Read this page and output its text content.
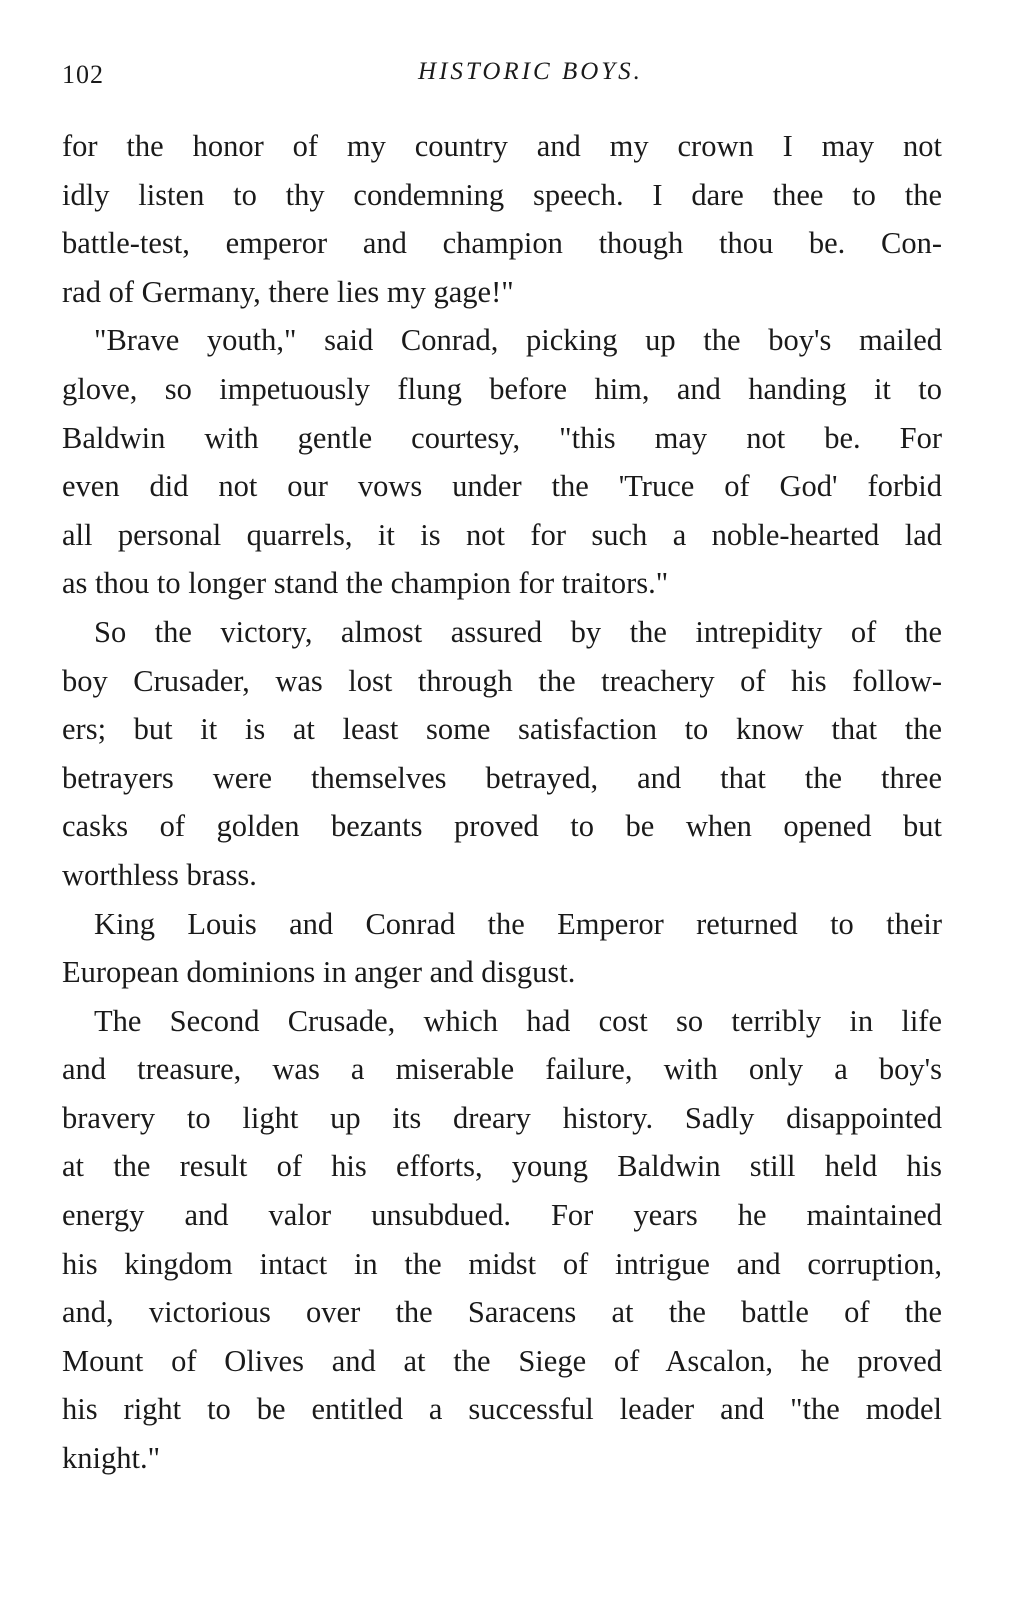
102	HISTORIC BOYS.
for the honor of my country and my crown I may not
idly listen to thy condemning speech. I dare thee to the
battle-test, emperor and champion though thou be. Con-
rad of Germany, there lies my gage!"
"Brave youth," said Conrad, picking up the boy's mailed
glove, so impetuously flung before him, and handing it to
Baldwin with gentle courtesy, "this may not be. For
even did not our vows under the 'Truce of God' forbid
all personal quarrels, it is not for such a noble-hearted lad
as thou to longer stand the champion for traitors."
So the victory, almost assured by the intrepidity of the
boy Crusader, was lost through the treachery of his follow-
ers; but it is at least some satisfaction to know that the
betrayers were themselves betrayed, and that the three
casks of golden bezants proved to be when opened but
worthless brass.
King Louis and Conrad the Emperor returned to their
European dominions in anger and disgust.
The Second Crusade, which had cost so terribly in life
and treasure, was a miserable failure, with only a boy's
bravery to light up its dreary history. Sadly disappointed
at the result of his efforts, young Baldwin still held his
energy and valor unsubdued. For years he maintained
his kingdom intact in the midst of intrigue and corruption,
and, victorious over the Saracens at the battle of the
Mount of Olives and at the Siege of Ascalon, he proved
his right to be entitled a successful leader and "the model
knight."
